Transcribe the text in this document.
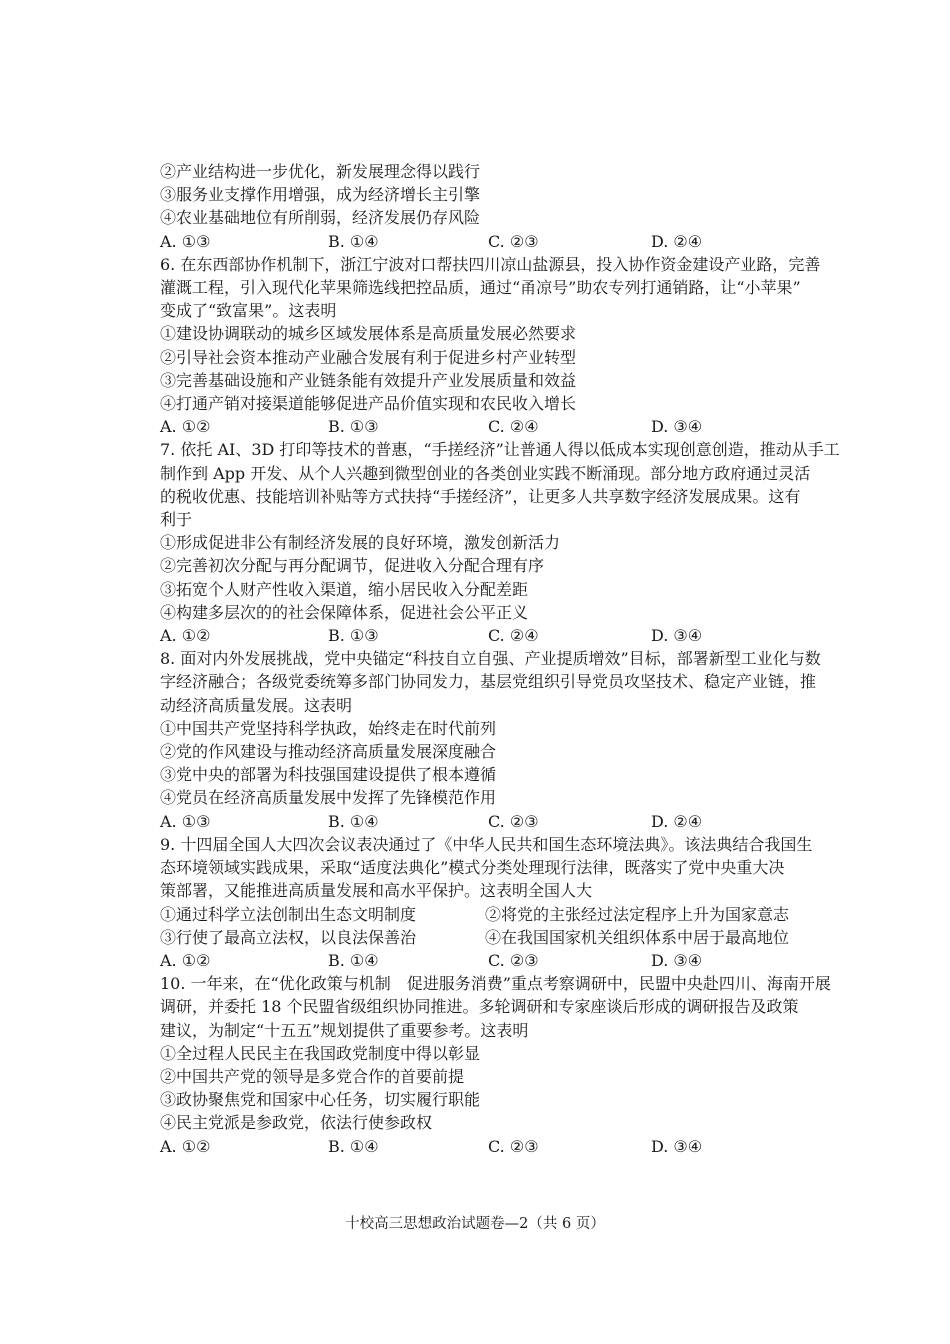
②产业结构进一步优化，新发展理念得以践行
③服务业支撑作用增强，成为经济增长主引擎
④农业基础地位有所削弱，经济发展仍存风险
A. ①③	B. ①④	C. ②③	D. ②④
6. 在东西部协作机制下，浙江宁波对口帮扶四川凉山盐源县，投入协作资金建设产业路，完善
灌溉工程，引入现代化苹果筛选线把控品质，通过“甬凉号”助农专列打通销路，让“小苹果”
变成了“致富果”。这表明
①建设协调联动的城乡区域发展体系是高质量发展必然要求
②引导社会资本推动产业融合发展有利于促进乡村产业转型
③完善基础设施和产业链条能有效提升产业发展质量和效益
④打通产销对接渠道能够促进产品价值实现和农民收入增长
A. ①②	B. ①③	C. ②④	D. ③④
7. 依托 AI、3D 打印等技术的普惠，“手搓经济”让普通人得以低成本实现创意创造，推动从手工
制作到 App 开发、从个人兴趣到微型创业的各类创业实践不断涌现。部分地方政府通过灵活
的税收优惠、技能培训补贴等方式扶持“手搓经济”，让更多人共享数字经济发展成果。这有
利于
①形成促进非公有制经济发展的良好环境，激发创新活力
②完善初次分配与再分配调节，促进收入分配合理有序
③拓宽个人财产性收入渠道，缩小居民收入分配差距
④构建多层次的的社会保障体系，促进社会公平正义
A. ①②	B. ①③	C. ②④	D. ③④
8. 面对内外发展挑战，党中央锚定“科技自立自强、产业提质增效”目标，部署新型工业化与数
字经济融合；各级党委统筹多部门协同发力，基层党组织引导党员攻坚技术、稳定产业链，推
动经济高质量发展。这表明
①中国共产党坚持科学执政，始终走在时代前列
②党的作风建设与推动经济高质量发展深度融合
③党中央的部署为科技强国建设提供了根本遵循
④党员在经济高质量发展中发挥了先锋模范作用
A. ①③	B. ①④	C. ②③	D. ②④
9. 十四届全国人大四次会议表决通过了《中华人民共和国生态环境法典》。该法典结合我国生
态环境领域实践成果，采取“适度法典化”模式分类处理现行法律，既落实了党中央重大决
策部署，又能推进高质量发展和高水平保护。这表明全国人大
①通过科学立法创制出生态文明制度	②将党的主张经过法定程序上升为国家意志
③行使了最高立法权，以良法保善治	④在我国国家机关组织体系中居于最高地位
A. ①②	B. ①④	C. ②③	D. ③④
10. 一年来，在“优化政策与机制　促进服务消费”重点考察调研中，民盟中央赴四川、海南开展
调研，并委托 18 个民盟省级组织协同推进。多轮调研和专家座谈后形成的调研报告及政策
建议，为制定“十五五”规划提供了重要参考。这表明
①全过程人民民主在我国政党制度中得以彰显
②中国共产党的领导是多党合作的首要前提
③政协聚焦党和国家中心任务，切实履行职能
④民主党派是参政党，依法行使参政权
A. ①②	B. ①④	C. ②③	D. ③④
十校高三思想政治试题卷—2（共 6 页）
